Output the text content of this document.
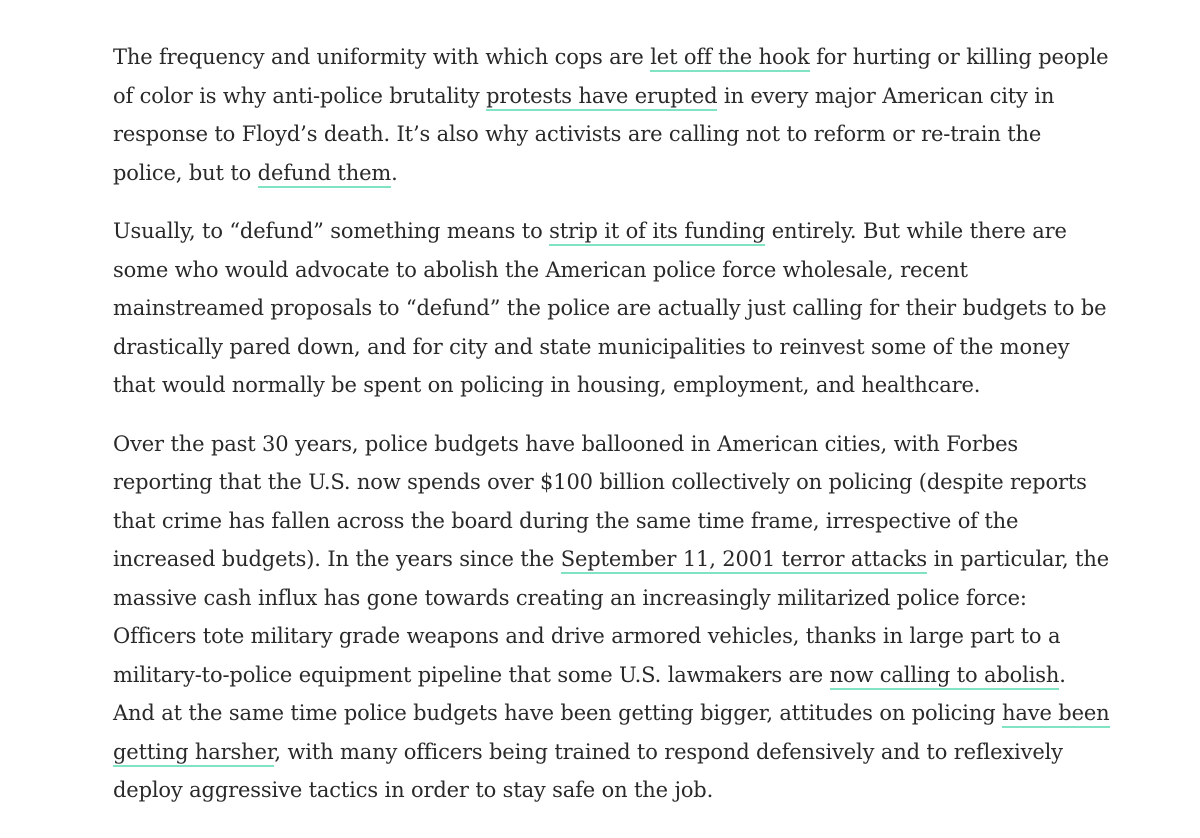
The frequency and uniformity with which cops are let off the hook for hurting or killing people of color is why anti-police brutality protests have erupted in every major American city in response to Floyd’s death. It’s also why activists are calling not to reform or re-train the police, but to defund them.

Usually, to “defund” something means to strip it of its funding entirely. But while there are some who would advocate to abolish the American police force wholesale, recent mainstreamed proposals to “defund” the police are actually just calling for their budgets to be drastically pared down, and for city and state municipalities to reinvest some of the money that would normally be spent on policing in housing, employment, and healthcare.

Over the past 30 years, police budgets have ballooned in American cities, with Forbes reporting that the U.S. now spends over $100 billion collectively on policing (despite reports that crime has fallen across the board during the same time frame, irrespective of the increased budgets). In the years since the September 11, 2001 terror attacks in particular, the massive cash influx has gone towards creating an increasingly militarized police force: Officers tote military grade weapons and drive armored vehicles, thanks in large part to a military-to-police equipment pipeline that some U.S. lawmakers are now calling to abolish. And at the same time police budgets have been getting bigger, attitudes on policing have been getting harsher, with many officers being trained to respond defensively and to reflexively deploy aggressive tactics in order to stay safe on the job.
